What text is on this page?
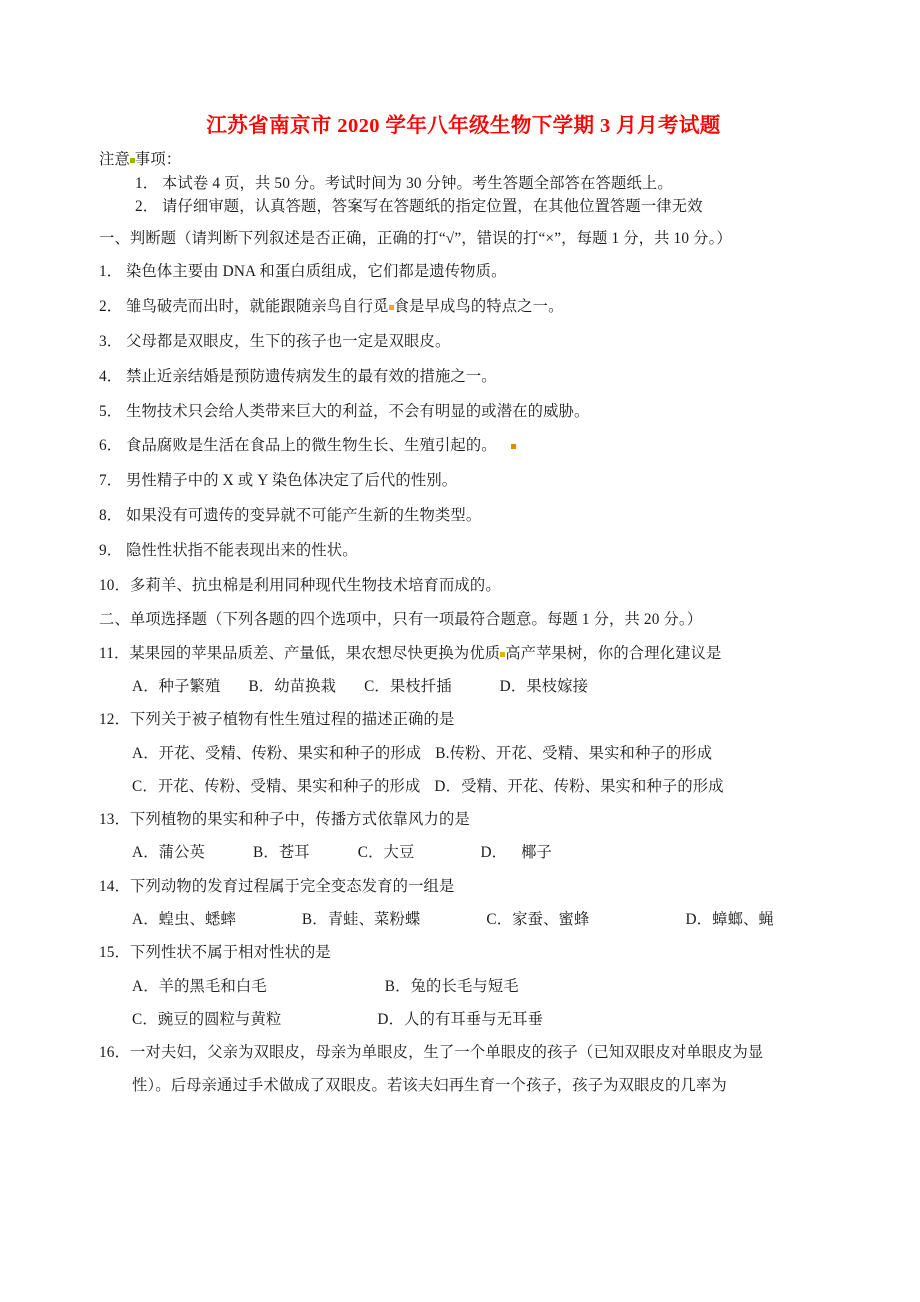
江苏省南京市 2020 学年八年级生物下学期 3 月月考试题

注意 事项：

1． 本试卷 4 页，共 50 分。考试时间为 30 分钟。考生答题全部答在答题纸上。

2． 请仔细审题，认真答题，答案写在答题纸的指定位置，在其他位置答题一律无效

一、判断题（请判断下列叙述是否正确，正确的打“√”，错误的打“×”，每题 1 分，共 10 分。）

1． 染色体主要由 DNA 和蛋白质组成，它们都是遗传物质。

2． 雏鸟破壳而出时，就能跟随亲鸟自行觅 食是早成鸟的特点之一。

3． 父母都是双眼皮，生下的孩子也一定是双眼皮。

4． 禁止近亲结婚是预防遗传病发生的最有效的措施之一。

5． 生物技术只会给人类带来巨大的利益，不会有明显的或潜在的威胁。

6． 食品腐败是生活在食品上的微生物生长、生殖引起的。

7． 男性精子中的 X 或 Y 染色体决定了后代的性别。

8． 如果没有可遗传的变异就不可能产生新的生物类型。

9． 隐性性状指不能表现出来的性状。

10．多莉羊、抗虫棉是利用同种现代生物技术培育而成的。

二、单项选择题（下列各题的四个选项中，只有一项最符合题意。每题 1 分，共 20 分。）

11．某果园的苹果品质差、产量低，果农想尽快更换为优质 高产苹果树，你的合理化建议是

A．种子繁殖 B．幼苗换栽 C．果枝扦插	D．果枝嫁接

12．下列关于被子植物有性生殖过程的描述正确的是

A．开花、受精、传粉、果实和种子的形成 B.传粉、开花、受精、果实和种子的形成

C．开花、传粉、受精、果实和种子的形成 D．受精、开花、传粉、果实和种子的形成

13．下列植物的果实和种子中，传播方式依靠风力的是

A．蒲公英	B．苍耳	C．大豆	D． 椰子

14．下列动物的发育过程属于完全变态发育的一组是

A．蝗虫、蟋蟀	B．青蛙、菜粉蝶	C．家蚕、蜜蜂	D．蟑螂、蝇

15．下列性状不属于相对性状的是

A．羊的黑毛和白毛	B．兔的长毛与短毛

C．豌豆的圆粒与黄粒	D．人的有耳垂与无耳垂

16．一对夫妇，父亲为双眼皮，母亲为单眼皮，生了一个单眼皮的孩子（已知双眼皮对单眼皮为显

性）。后母亲通过手术做成了双眼皮。若该夫妇再生育一个孩子，孩子为双眼皮的几率为
